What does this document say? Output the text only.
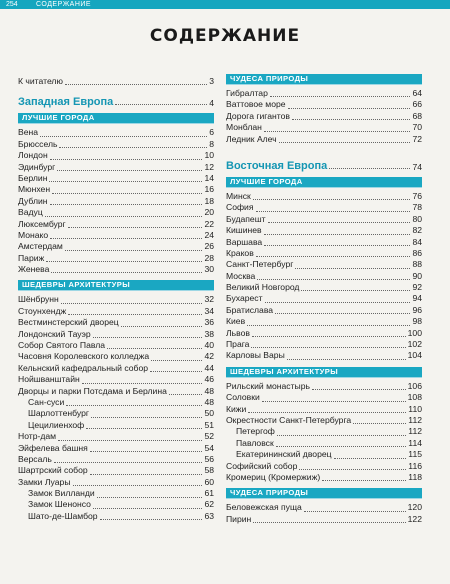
254	СОДЕРЖАНИЕ
СОДЕРЖАНИЕ
К читателю	3
Западная Европа	4
ЛУЧШИЕ ГОРОДА
Вена	6
Брюссель	8
Лондон	10
Эдинбург	12
Берлин	14
Мюнхен	16
Дублин	18
Вадуц	20
Люксембург	22
Монако	24
Амстердам	26
Париж	28
Женева	30
ШЕДЕВРЫ АРХИТЕКТУРЫ
Шёнбрунн	32
Стоунхендж	34
Вестминстерский дворец	36
Лондонский Тауэр	38
Собор Святого Павла	40
Часовня Королевского колледжа	42
Кельнский кафедральный собор	44
Нойшванштайн	46
Дворцы и парки Потсдама и Берлина	48
Сан-суси	48
Шарлоттенбург	50
Цецилиенхоф	51
Нотр-дам	52
Эйфелева башня	54
Версаль	56
Шартрский собор	58
Замки Луары	60
Замок Вилланди	61
Замок Шенонсо	62
Шато-де-Шамбор	63
ЧУДЕСА ПРИРОДЫ
Гибралтар	64
Ваттовое море	66
Дорога гигантов	68
Монблан	70
Ледник Алеч	72
Восточная Европа	74
ЛУЧШИЕ ГОРОДА
Минск	76
София	78
Будапешт	80
Кишинев	82
Варшава	84
Краков	86
Санкт-Петербург	88
Москва	90
Великий Новгород	92
Бухарест	94
Братислава	96
Киев	98
Львов	100
Прага	102
Карловы Вары	104
ШЕДЕВРЫ АРХИТЕКТУРЫ
Рильский монастырь	106
Соловки	108
Кижи	110
Окрестности Санкт-Петербурга	112
Петергоф	112
Павловск	114
Екатерининский дворец	115
Софийский собор	116
Кромериц (Кромержиж)	118
ЧУДЕСА ПРИРОДЫ
Беловежская пуща	120
Пирин	122
